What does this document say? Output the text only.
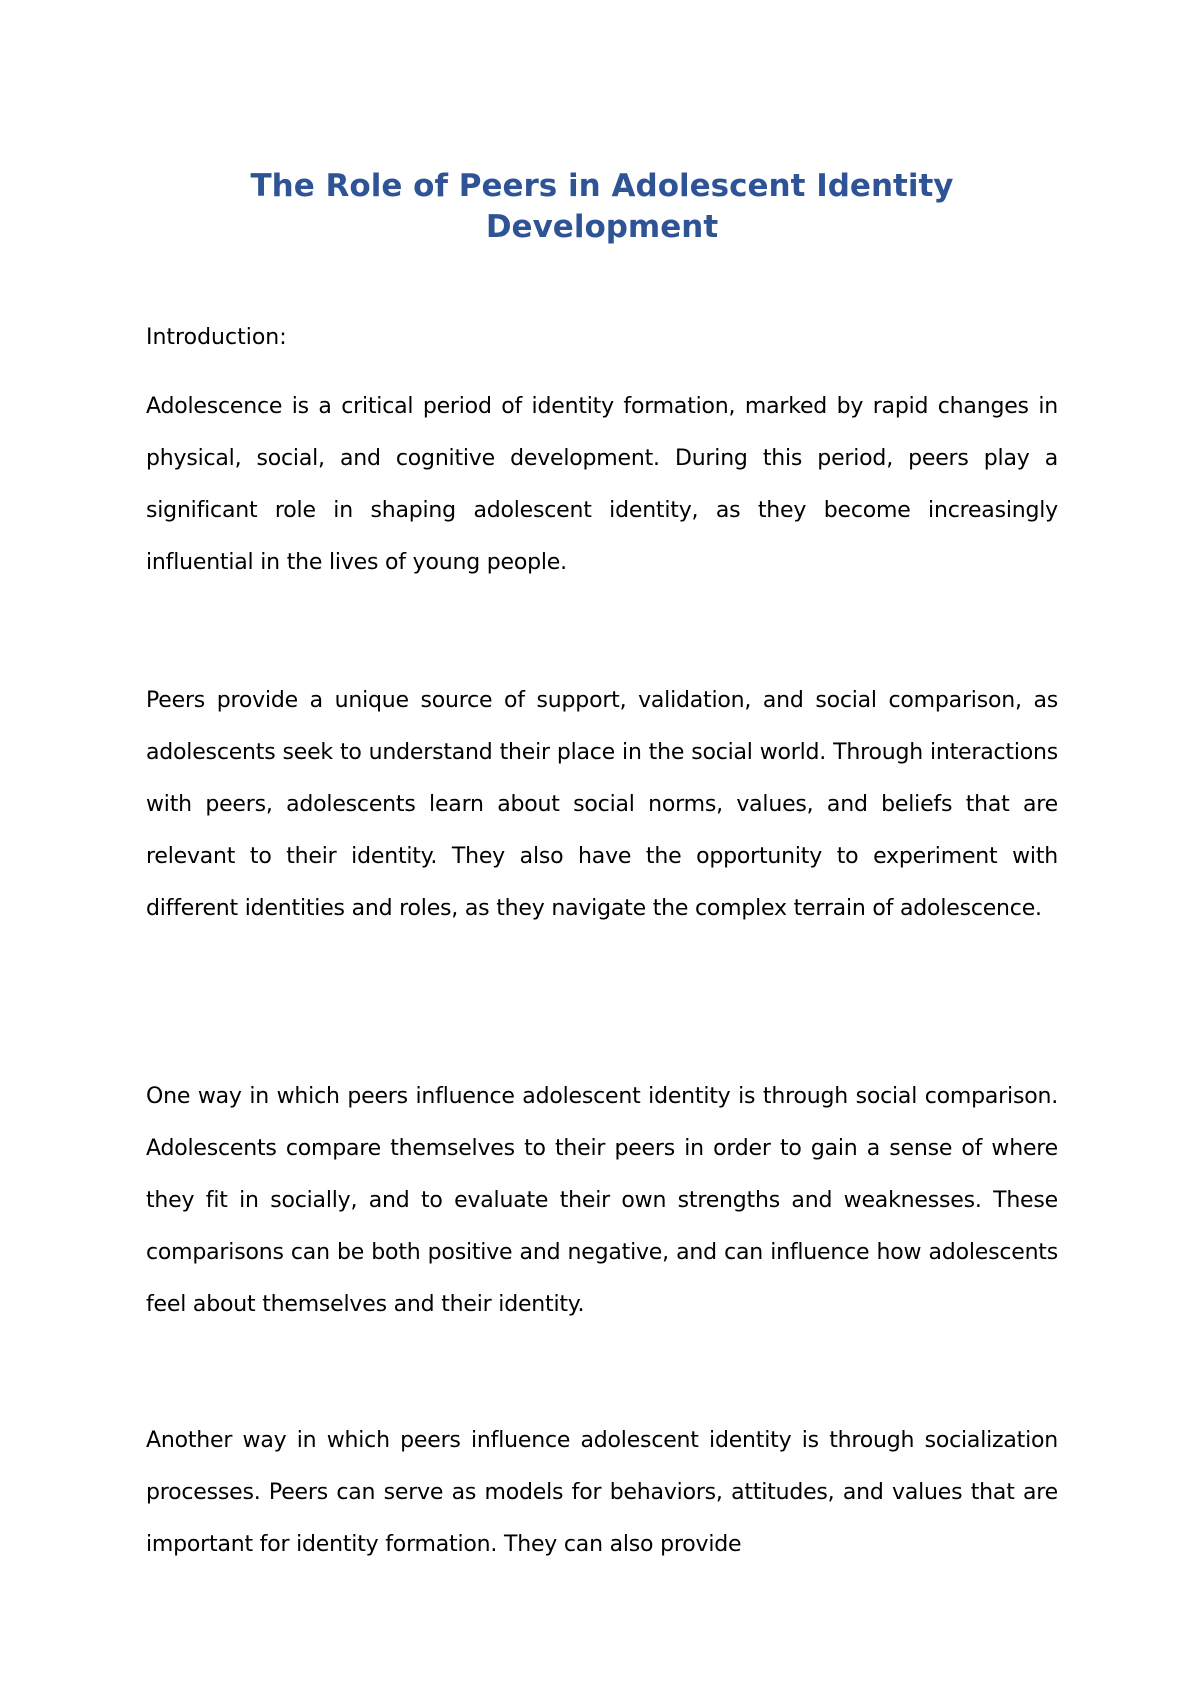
The Role of Peers in Adolescent Identity Development

Introduction:

Adolescence is a critical period of identity formation, marked by rapid changes in physical, social, and cognitive development. During this period, peers play a significant role in shaping adolescent identity, as they become increasingly influential in the lives of young people.

Peers provide a unique source of support, validation, and social comparison, as adolescents seek to understand their place in the social world. Through interactions with peers, adolescents learn about social norms, values, and beliefs that are relevant to their identity. They also have the opportunity to experiment with different identities and roles, as they navigate the complex terrain of adolescence.

One way in which peers influence adolescent identity is through social comparison. Adolescents compare themselves to their peers in order to gain a sense of where they fit in socially, and to evaluate their own strengths and weaknesses. These comparisons can be both positive and negative, and can influence how adolescents feel about themselves and their identity.

Another way in which peers influence adolescent identity is through socialization processes. Peers can serve as models for behaviors, attitudes, and values that are important for identity formation. They can also provide
